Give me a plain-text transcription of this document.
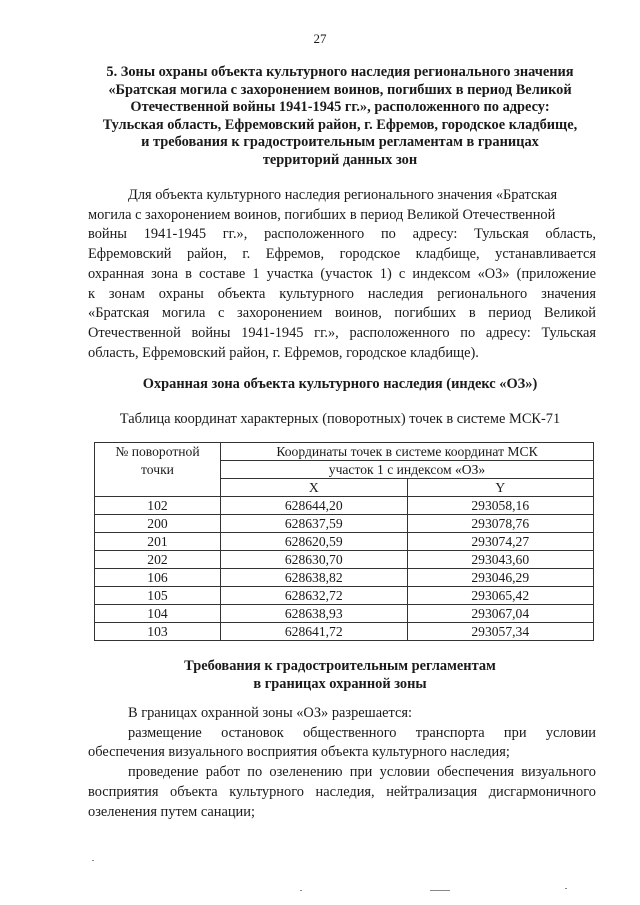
27
5. Зоны охраны объекта культурного наследия регионального значения
«Братская могила с захоронением воинов, погибших в период Великой
Отечественной войны 1941-1945 гг.», расположенного по адресу:
Тульская область, Ефремовский район, г. Ефремов, городское кладбище,
и требования к градостроительным регламентам в границах
территорий данных зон
Для объекта культурного наследия регионального значения «Братская
могила с захоронением воинов, погибших в период Великой Отечественной
войны 1941-1945 гг.», расположенного по адресу: Тульская область,
Ефремовский район, г. Ефремов, городское кладбище, устанавливается
охранная зона в составе 1 участка (участок 1) с индексом «ОЗ» (приложение
к зонам охраны объекта культурного наследия регионального значения
«Братская могила с захоронением воинов, погибших в период Великой
Отечественной войны 1941-1945 гг.», расположенного по адресу: Тульская
область, Ефремовский район, г. Ефремов, городское кладбище).
Охранная зона объекта культурного наследия (индекс «ОЗ»)
Таблица координат характерных (поворотных) точек в системе МСК-71
№ поворотной
точки	Координаты точек в системе координат МСК	
	участок 1 с индексом «ОЗ»	
	X	Y
102	628644,20	293058,16
200	628637,59	293078,76
201	628620,59	293074,27
202	628630,70	293043,60
106	628638,82	293046,29
105	628632,72	293065,42
104	628638,93	293067,04
103	628641,72	293057,34
Требования к градостроительным регламентам
в границах охранной зоны

В границах охранной зоны «ОЗ» разрешается:

размещение остановок общественного транспорта при условии обеспечения визуального восприятия объекта культурного наследия;

проведение работ по озеленению при условии обеспечения визуального восприятия объекта культурного наследия, нейтрализация дисгармоничного озеленения путем санации;
